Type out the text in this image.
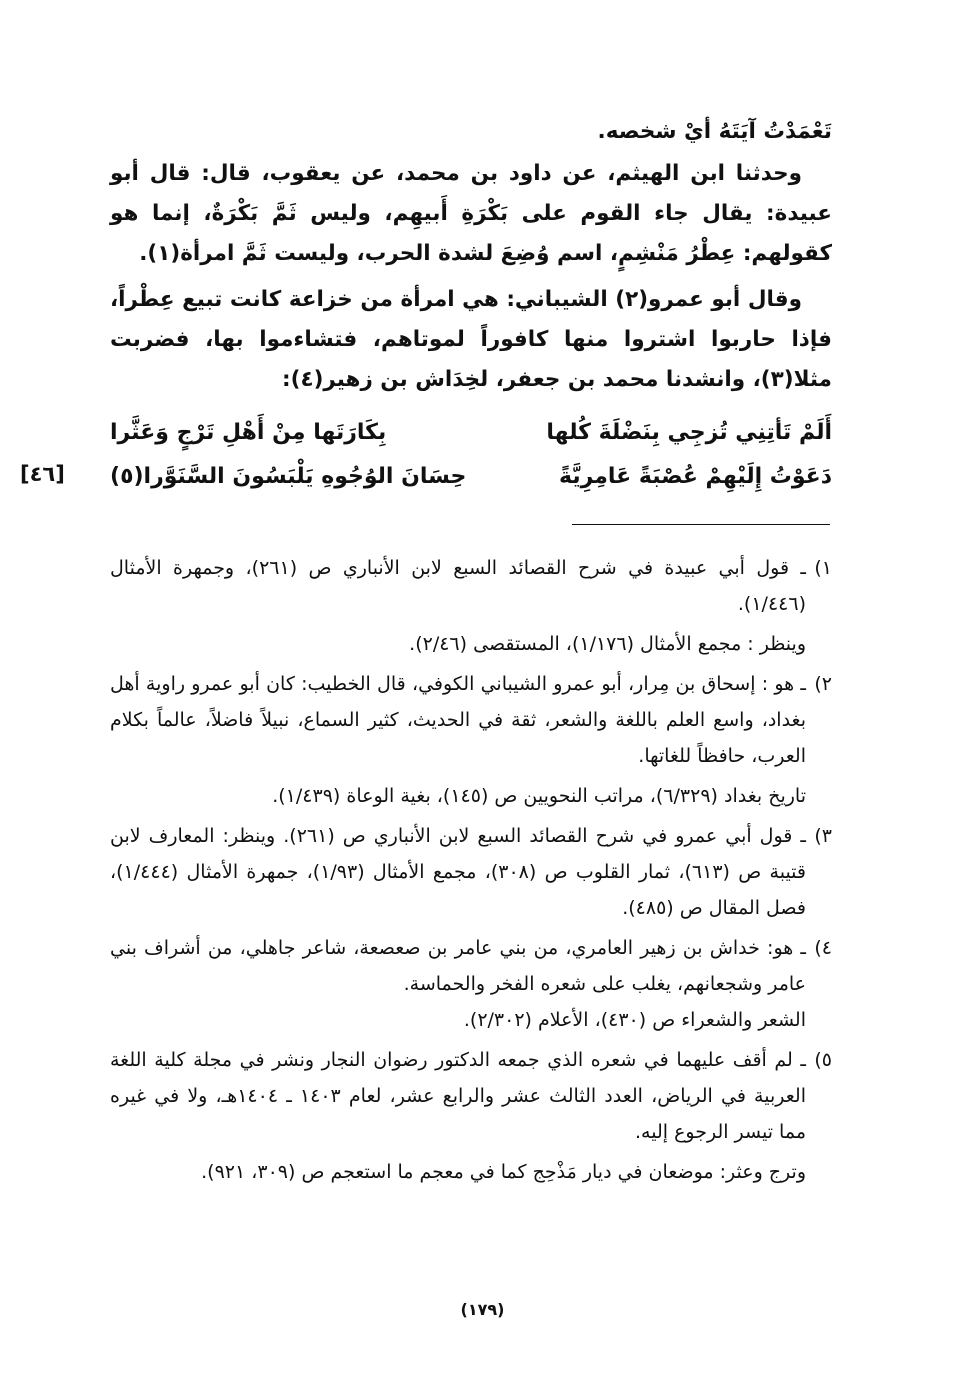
تَعْمَدْتُ آيَتَهُ أيْ شخصه.

وحدثنا ابن الهيثم، عن داود بن محمد، عن يعقوب، قال: قال أبو عبيدة: يقال جاء القوم على بَكْرَةِ أَبيهِم، وليس ثَمَّ بَكْرَةٌ، إنما هو كقولهم: عِطْرُ مَنْشِمٍ، اسم وُضِعَ لشدة الحرب، وليست ثَمَّ امرأة(١).

وقال أبو عمرو(٢) الشيباني: هي امرأة من خزاعة كانت تبيع عِطْراً، فإذا حاربوا اشتروا منها كافوراً لموتاهم، فتشاءموا بها، فضربت مثلا(٣)، وانشدنا محمد بن جعفر، لخِدَاش بن زهير(٤):

أَلَمْ تَأتِنِي تُزجِي بِنَضْلَةَ كُلها
بِكَارَتَها مِنْ أَهْلِ تَرْجٍ وَعَثَّرا
دَعَوْتُ إِلَيْهِمْ عُصْبَةً عَامِرِيَّةً
حِسَانَ الوُجُوهِ يَلْبَسُونَ السَّنَوَّرا(٥)
[٤٦]
١)

ـ قول أبي عبيدة في شرح القصائد السبع لابن الأنباري ص (٢٦١)، وجمهرة الأمثال (١/٤٤٦).

وينظر : مجمع الأمثال (١/١٧٦)، المستقصى (٢/٤٦).

٢)

ـ هو : إسحاق بن مِرار، أبو عمرو الشيباني الكوفي، قال الخطيب: كان أبو عمرو راوية أهل بغداد، واسع العلم باللغة والشعر، ثقة في الحديث، كثير السماع، نبيلاً فاضلاً، عالماً بكلام العرب، حافظاً للغاتها.

تاريخ بغداد (٦/٣٢٩)، مراتب النحويين ص (١٤٥)، بغية الوعاة (١/٤٣٩).

٣)

ـ قول أبي عمرو في شرح القصائد السبع لابن الأنباري ص (٢٦١). وينظر: المعارف لابن قتيبة ص (٦١٣)، ثمار القلوب ص (٣٠٨)، مجمع الأمثال (١/٩٣)، جمهرة الأمثال (١/٤٤٤)، فصل المقال ص (٤٨٥).

٤)

ـ هو: خداش بن زهير العامري، من بني عامر بن صعصعة، شاعر جاهلي، من أشراف بني عامر وشجعانهم، يغلب على شعره الفخر والحماسة.

الشعر والشعراء ص (٤٣٠)، الأعلام (٢/٣٠٢).

٥)

ـ لم أقف عليهما في شعره الذي جمعه الدكتور رضوان النجار ونشر في مجلة كلية اللغة العربية في الرياض، العدد الثالث عشر والرابع عشر، لعام ١٤٠٣ ـ ١٤٠٤هـ، ولا في غيره مما تيسر الرجوع إليه.

وترج وعثر: موضعان في ديار مَذْحِج كما في معجم ما استعجم ص (٣٠٩، ٩٢١).

(١٧٩)
